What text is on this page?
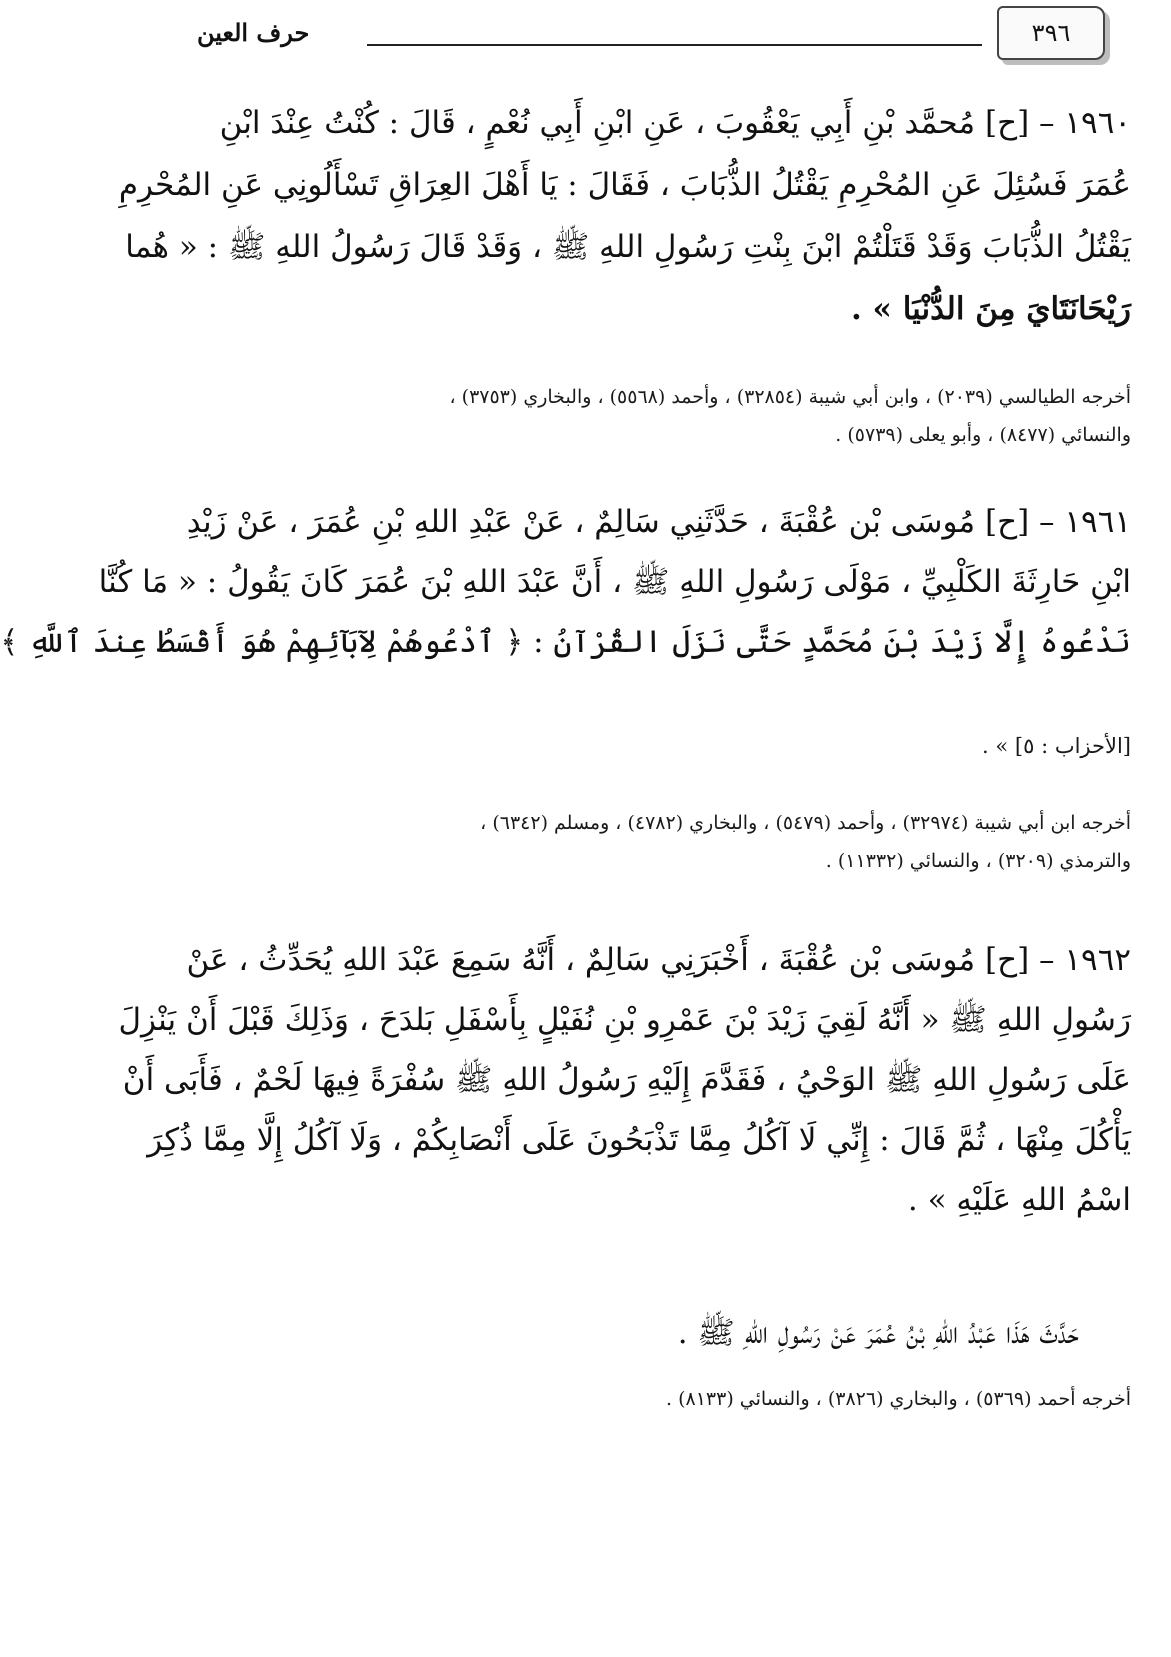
٣٩٦
حرف العين
١٩٦٠ – [ح] مُحمَّد بْنِ أَبِي يَعْقُوبَ ، عَنِ ابْنِ أَبِي نُعْمٍ ، قَالَ : كُنْتُ عِنْدَ ابْنِ
عُمَرَ فَسُئِلَ عَنِ المُحْرِمِ يَقْتُلُ الذُّبَابَ ، فَقَالَ : يَا أَهْلَ العِرَاقِ تَسْأَلُونِي عَنِ المُحْرِمِ
يَقْتُلُ الذُّبَابَ وَقَدْ قَتَلْتُمْ ابْنَ بِنْتِ رَسُولِ اللهِ ﷺ ، وَقَدْ قَالَ رَسُولُ اللهِ ﷺ : « هُما
رَيْحَانَتَايَ مِنَ الدُّنْيَا » .
أخرجه الطيالسي (٢٠٣٩) ، وابن أبي شيبة (٣٢٨٥٤) ، وأحمد (٥٥٦٨) ، والبخاري (٣٧٥٣) ،
والنسائي (٨٤٧٧) ، وأبو يعلى (٥٧٣٩) .
١٩٦١ – [ح] مُوسَى بْن عُقْبَةَ ، حَدَّثَنِي سَالِمٌ ، عَنْ عَبْدِ اللهِ بْنِ عُمَرَ ، عَنْ زَيْدِ
ابْنِ حَارِثَةَ الكَلْبِيِّ ، مَوْلَى رَسُولِ اللهِ ﷺ ، أَنَّ عَبْدَ اللهِ بْنَ عُمَرَ كَانَ يَقُولُ : « مَا كُنَّا
نَدْعُوهُ إِلَّا زَيْدَ بْنَ مُحَمَّدٍ حَتَّى نَزَلَ القُرْآنُ : ﴿ ٱدْعُوهُمْ لِآبَآئِهِمْ هُوَ أَقْسَطُ عِندَ ٱللَّهِ ﴾
[الأحزاب : ٥] » .
أخرجه ابن أبي شيبة (٣٢٩٧٤) ، وأحمد (٥٤٧٩) ، والبخاري (٤٧٨٢) ، ومسلم (٦٣٤٢) ،
والترمذي (٣٢٠٩) ، والنسائي (١١٣٣٢) .
١٩٦٢ – [ح] مُوسَى بْن عُقْبَةَ ، أَخْبَرَنِي سَالِمٌ ، أَنَّهُ سَمِعَ عَبْدَ اللهِ يُحَدِّثُ ، عَنْ
رَسُولِ اللهِ ﷺ « أَنَّهُ لَقِيَ زَيْدَ بْنَ عَمْرِو بْنِ نُفَيْلٍ بِأَسْفَلِ بَلدَحَ ، وَذَلِكَ قَبْلَ أَنْ يَنْزِلَ
عَلَى رَسُولِ اللهِ ﷺ الوَحْيُ ، فَقَدَّمَ إِلَيْهِ رَسُولُ اللهِ ﷺ سُفْرَةً فِيهَا لَحْمٌ ، فَأَبَى أَنْ
يَأْكُلَ مِنْهَا ، ثُمَّ قَالَ : إِنِّي لَا آكُلُ مِمَّا تَذْبَحُونَ عَلَى أَنْصَابِكُمْ ، وَلَا آكُلُ إِلَّا مِمَّا ذُكِرَ
اسْمُ اللهِ عَلَيْهِ » .
حَدَّثَ هَذَا عَبْدُ اللهِ بْنُ عُمَرَ عَنْ رَسُولِ اللهِ ﷺ .
أخرجه أحمد (٥٣٦٩) ، والبخاري (٣٨٢٦) ، والنسائي (٨١٣٣) .
